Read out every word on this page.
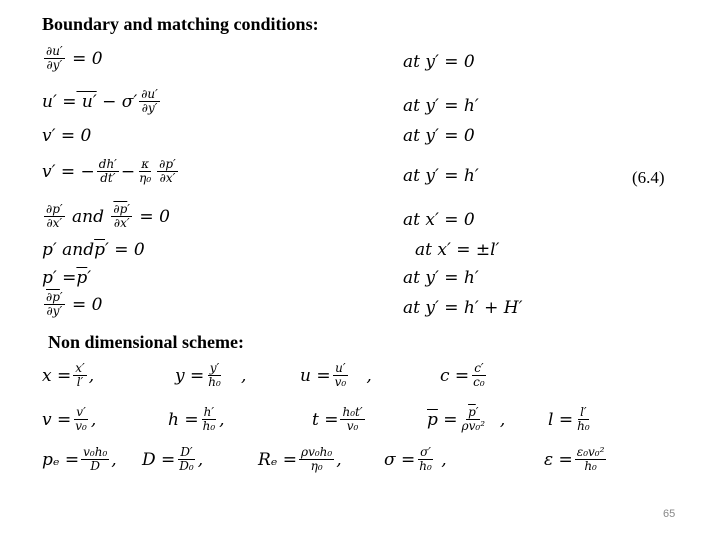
Boundary and matching conditions:
$\frac{\partial u'}{\partial y'} = 0$	at y′ = 0
$u' = u' - \sigma' \frac{\partial u'}{\partial y'}$	at y′ = h′
v′ = 0	at y′ = 0
v′ = − $\frac{dh'}{dt'} - \frac{\kappa}{\text{η₀}} \frac{\partial p'}{\partial x'}$	at y′ = h′	(6.4)
$\frac{\partial p'}{\partial x'}$ and $\frac{\partial p'}{\partial x'} = 0$	at x′ = 0
p′ and $\overline{p}$ ′ = 0	at x′ = ±l′
$p' = \overline{p}$ ′	at y′ = h′
$\frac{\partial p'}{\partial y'} = 0$	at y′ = h′ + H′
Non dimensional scheme:
$x = \frac{x'}{l'}$ ,	$y = \frac{y'}{\text{h₀}}$ ,	$u = \frac{u'}{\text{v₀}}$ ,	$c = \frac{c'}{\text{c₀}}$
$v = \frac{v'}{\text{v₀}}$ ,	$h = \frac{h'}{\text{h₀}}$ ,	$t = \frac{\text{h₀t′}}{\text{v₀}}$	$\overline{p} = \frac{\overline{p}'}{\text{ρv₀²}}$ ,	$l = \frac{l'}{\text{h₀}}$
$p_e = \frac{\text{v₀h₀}}{D}$ , $D = \frac{D'}{\text{D₀}}$ ,	$R_e = \frac{\text{ρv₀h₀}}{\text{η₀}}$ , $\sigma = \frac{\sigma'}{\text{h₀}}$ ,	$\varepsilon = \frac{\text{ε₀v₀²}}{\text{h₀}}$
65
